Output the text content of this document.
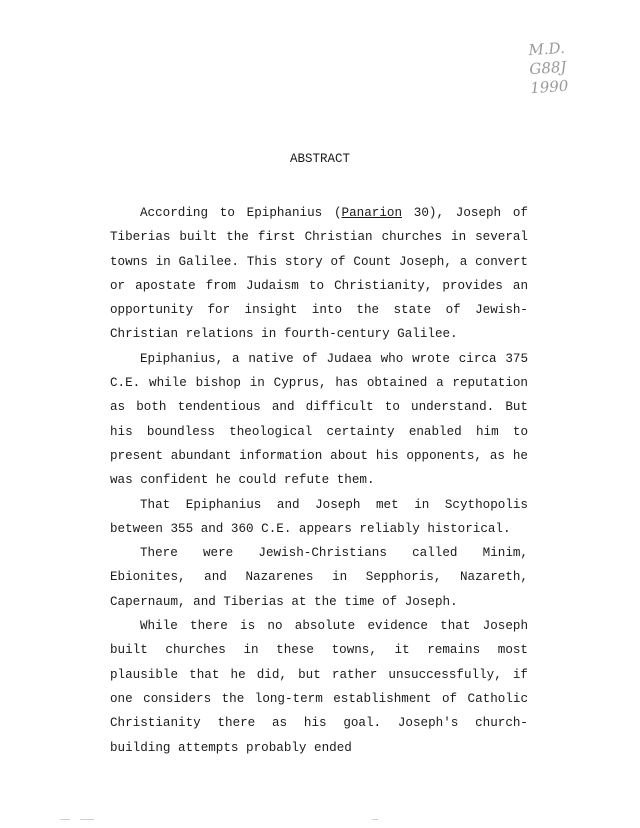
M.D.
G88J
1990
ABSTRACT

According to Epiphanius (Panarion 30), Joseph of Tiberias built the first Christian churches in several towns in Galilee. This story of Count Joseph, a convert or apostate from Judaism to Christianity, provides an opportunity for insight into the state of Jewish-Christian relations in fourth-century Galilee.

Epiphanius, a native of Judaea who wrote circa 375 C.E. while bishop in Cyprus, has obtained a reputation as both tendentious and difficult to understand. But his boundless theological certainty enabled him to present abundant information about his opponents, as he was confident he could refute them.

That Epiphanius and Joseph met in Scythopolis between 355 and 360 C.E. appears reliably historical.

There were Jewish-Christians called Minim, Ebionites, and Nazarenes in Sepphoris, Nazareth, Capernaum, and Tiberias at the time of Joseph.

While there is no absolute evidence that Joseph built churches in these towns, it remains most plausible that he did, but rather unsuccessfully, if one considers the long-term establishment of Catholic Christianity there as his goal. Joseph's church-building attempts probably ended
